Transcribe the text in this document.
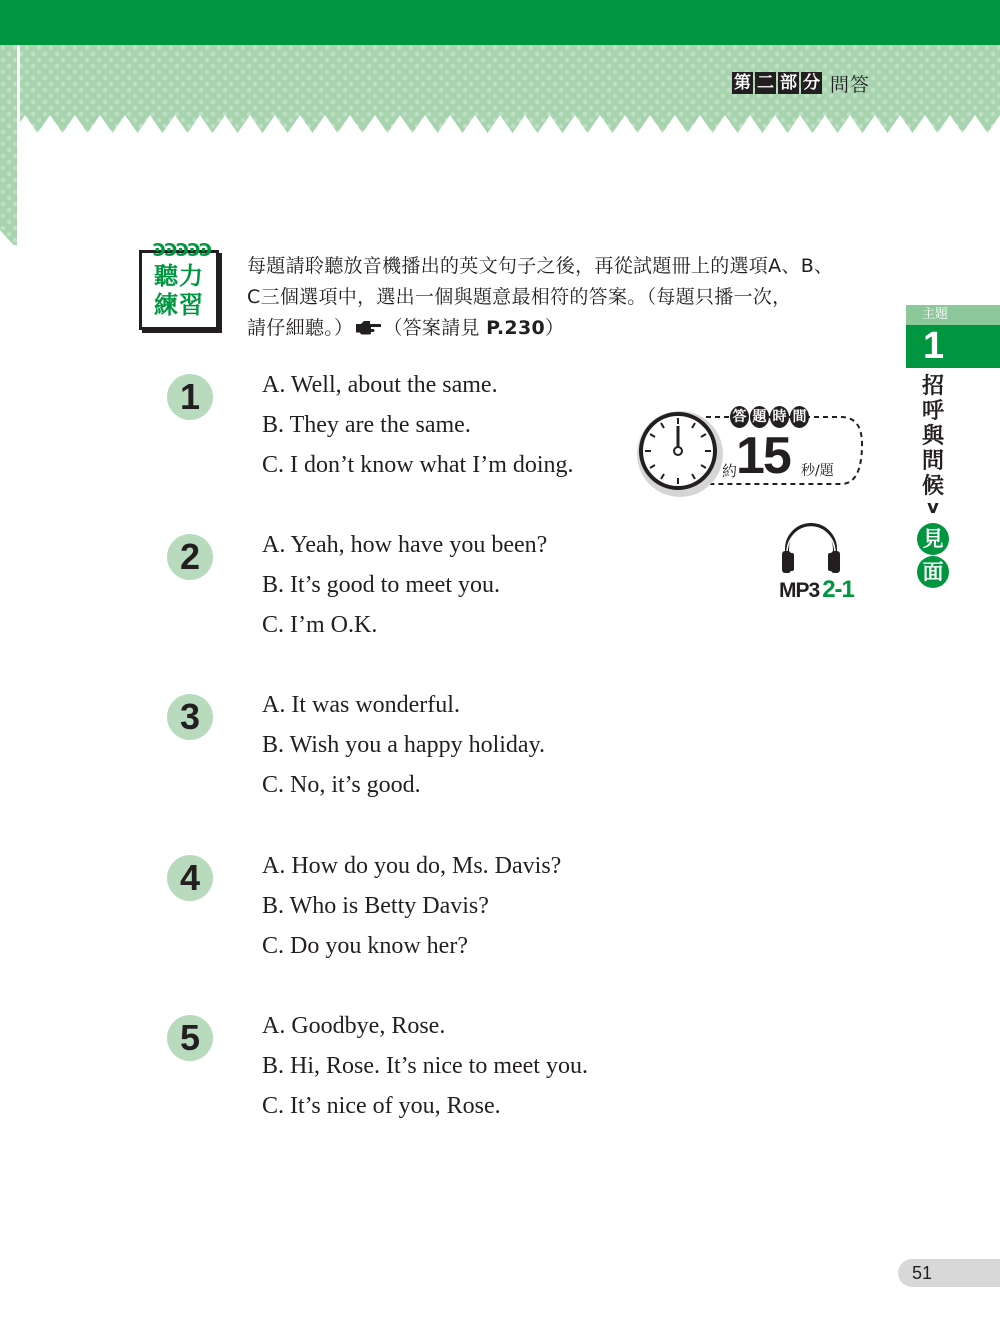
第 二 部 分 問答
ϿϿϿϿϿ
聽力
練習
每題請聆聽放音機播出的英文句子之後，再從試題冊上的選項A、B、
C三個選項中，選出一個與題意最相符的答案。（每題只播一次，
請仔細聽。） （答案請見 P.230）
1	A. Well, about the same.
B. They are the same.
C. I don’t know what I’m doing.
2	A. Yeah, how have you been?
B. It’s good to meet you.
C. I’m O.K.
3	A. It was wonderful.
B. Wish you a happy holiday.
C. No, it’s good.
4	A. How do you do, Ms. Davis?
B. Who is Betty Davis?
C. Do you know her?
5	A. Goodbye, Rose.
B. Hi, Rose. It’s nice to meet you.
C. It’s nice of you, Rose.
答 題 時 間
約
15 秒/題
MP3 2-1
主題
1
招
呼
與
問
候
v
見
面
51
